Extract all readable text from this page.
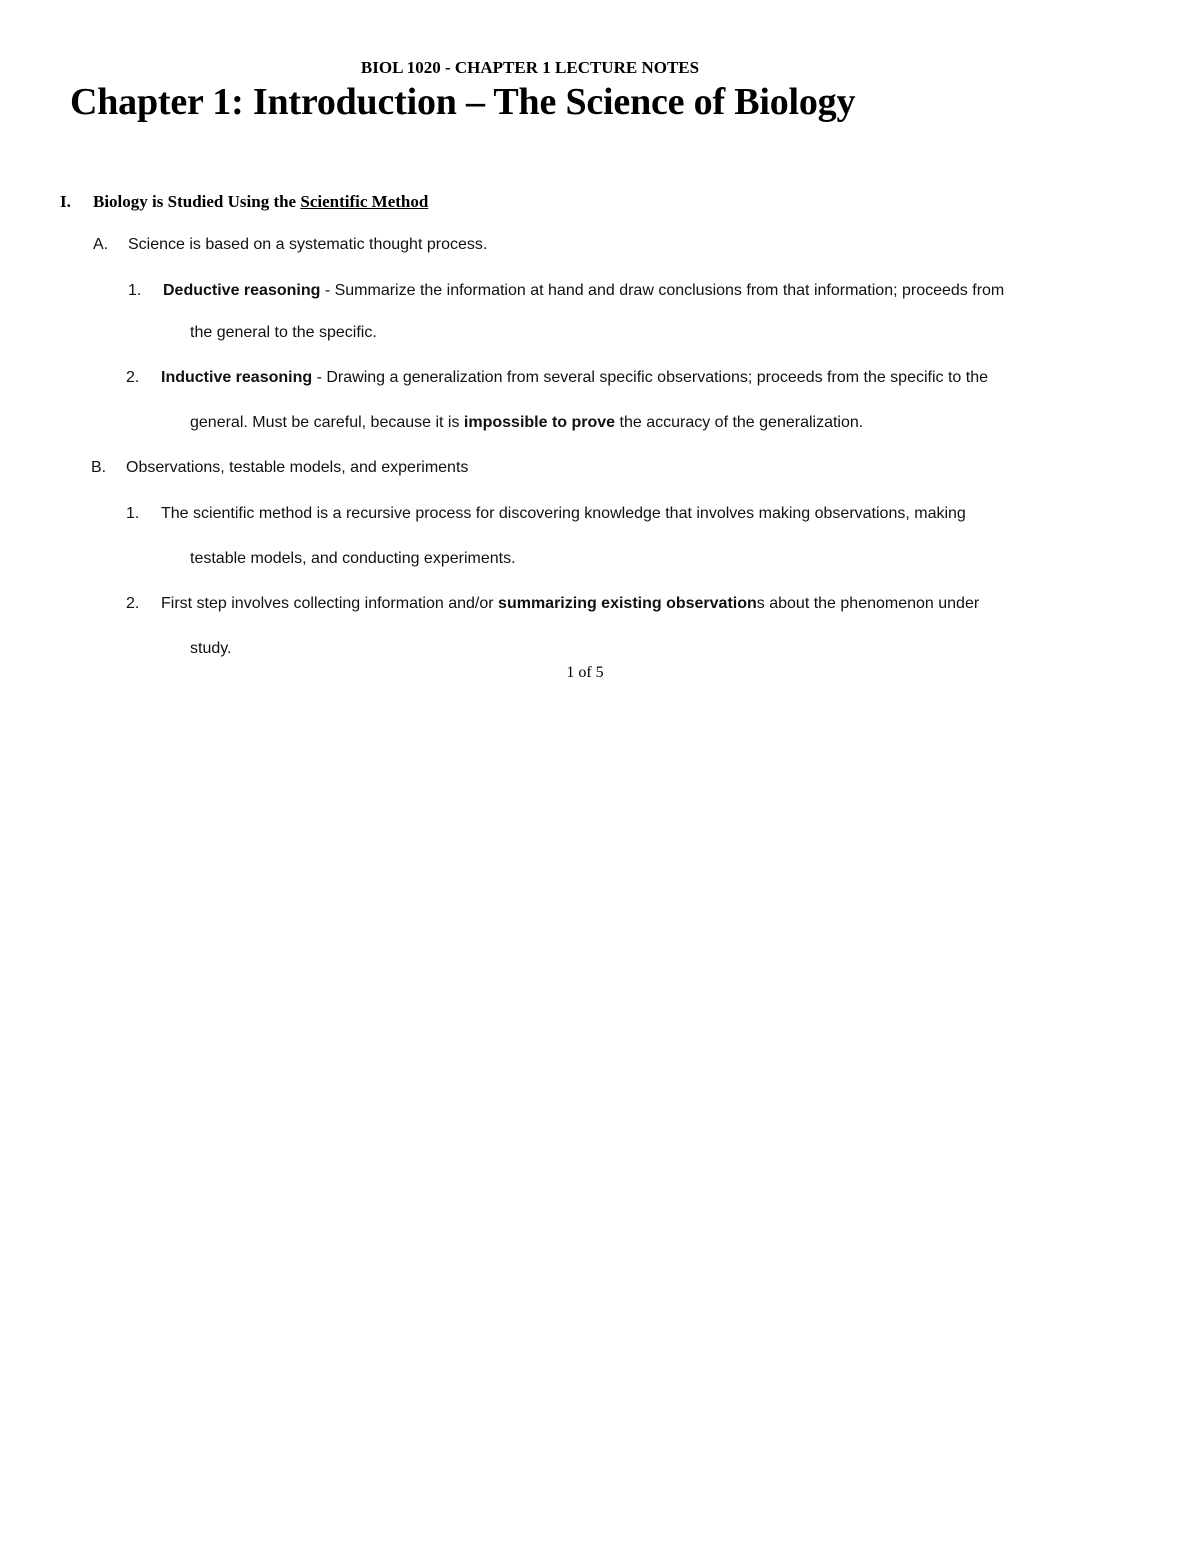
BIOL 1020 - CHAPTER 1 LECTURE NOTES
Chapter 1: Introduction – The Science of Biology
I. Biology is Studied Using the Scientific Method
A. Science is based on a systematic thought process.
1. Deductive reasoning - Summarize the information at hand and draw conclusions from that information; proceeds from
the general to the specific.
2. Inductive reasoning - Drawing a generalization from several specific observations; proceeds from the specific to the
general. Must be careful, because it is impossible to prove the accuracy of the generalization.
B. Observations, testable models, and experiments
1. The scientific method is a recursive process for discovering knowledge that involves making observations, making
testable models, and conducting experiments.
2. First step involves collecting information and/or summarizing existing observations about the phenomenon under
study.
1 of 5
